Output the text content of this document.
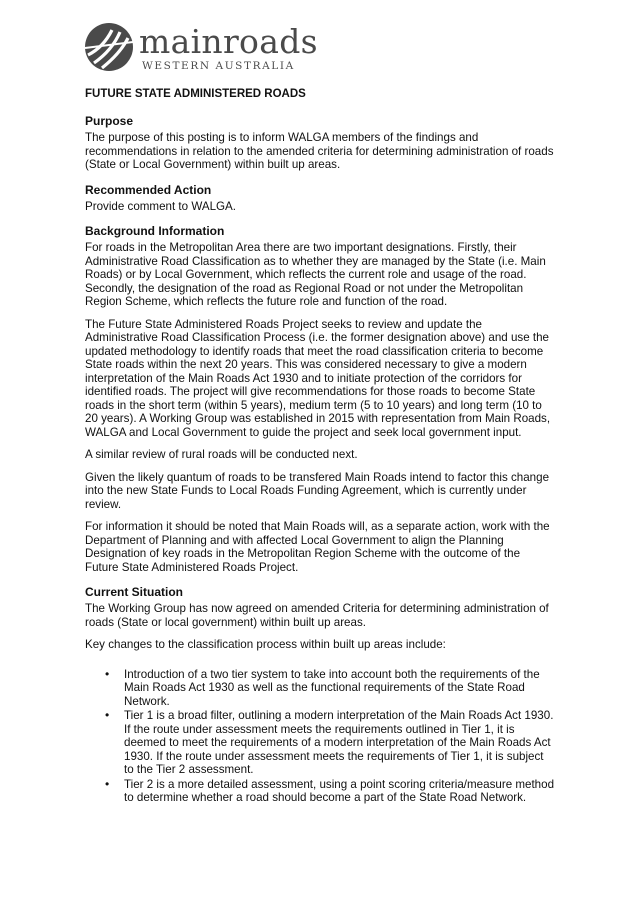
mainroads
WESTERN AUSTRALIA
FUTURE STATE ADMINISTERED ROADS
Purpose

The purpose of this posting is to inform WALGA members of the findings and recommendations in relation to the amended criteria for determining administration of roads (State or Local Government) within built up areas.

Recommended Action

Provide comment to WALGA.

Background Information

For roads in the Metropolitan Area there are two important designations. Firstly, their Administrative Road Classification as to whether they are managed by the State (i.e. Main Roads) or by Local Government, which reflects the current role and usage of the road. Secondly, the designation of the road as Regional Road or not under the Metropolitan Region Scheme, which reflects the future role and function of the road.

The Future State Administered Roads Project seeks to review and update the Administrative Road Classification Process (i.e. the former designation above) and use the updated methodology to identify roads that meet the road classification criteria to become State roads within the next 20 years. This was considered necessary to give a modern interpretation of the Main Roads Act 1930 and to initiate protection of the corridors for identified roads. The project will give recommendations for those roads to become State roads in the short term (within 5 years), medium term (5 to 10 years) and long term (10 to 20 years). A Working Group was established in 2015 with representation from Main Roads, WALGA and Local Government to guide the project and seek local government input.

A similar review of rural roads will be conducted next.

Given the likely quantum of roads to be transfered Main Roads intend to factor this change into the new State Funds to Local Roads Funding Agreement, which is currently under review.

For information it should be noted that Main Roads will, as a separate action, work with the Department of Planning and with affected Local Government to align the Planning Designation of key roads in the Metropolitan Region Scheme with the outcome of the Future State Administered Roads Project.

Current Situation

The Working Group has now agreed on amended Criteria for determining administration of roads (State or local government) within built up areas.

Key changes to the classification process within built up areas include:

• Introduction of a two tier system to take into account both the requirements of the Main Roads Act 1930 as well as the functional requirements of the State Road Network.
• Tier 1 is a broad filter, outlining a modern interpretation of the Main Roads Act 1930. If the route under assessment meets the requirements outlined in Tier 1, it is deemed to meet the requirements of a modern interpretation of the Main Roads Act 1930. If the route under assessment meets the requirements of Tier 1, it is subject to the Tier 2 assessment.
• Tier 2 is a more detailed assessment, using a point scoring criteria/measure method to determine whether a road should become a part of the State Road Network.
